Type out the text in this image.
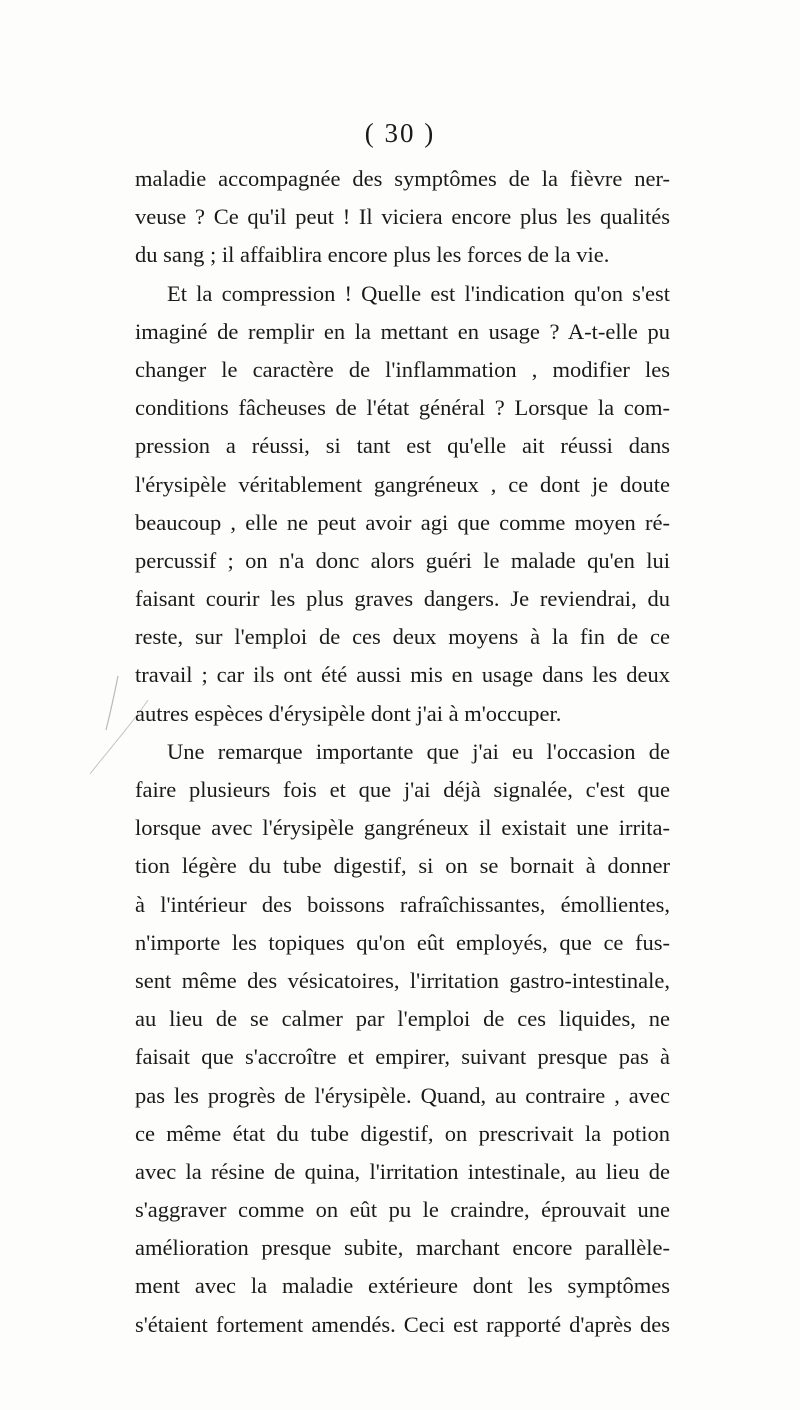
( 30 )
maladie accompagnée des symptômes de la fièvre ner-
veuse ? Ce qu'il peut ! Il viciera encore plus les qualités
du sang ; il affaiblira encore plus les forces de la vie.
Et la compression ! Quelle est l'indication qu'on s'est
imaginé de remplir en la mettant en usage ? A-t-elle pu
changer le caractère de l'inflammation , modifier les
conditions fâcheuses de l'état général ? Lorsque la com-
pression a réussi, si tant est qu'elle ait réussi dans
l'érysipèle véritablement gangréneux , ce dont je doute
beaucoup , elle ne peut avoir agi que comme moyen ré-
percussif ; on n'a donc alors guéri le malade qu'en lui
faisant courir les plus graves dangers. Je reviendrai, du
reste, sur l'emploi de ces deux moyens à la fin de ce
travail ; car ils ont été aussi mis en usage dans les deux
autres espèces d'érysipèle dont j'ai à m'occuper.
Une remarque importante que j'ai eu l'occasion de
faire plusieurs fois et que j'ai déjà signalée, c'est que
lorsque avec l'érysipèle gangréneux il existait une irrita-
tion légère du tube digestif, si on se bornait à donner
à l'intérieur des boissons rafraîchissantes, émollientes,
n'importe les topiques qu'on eût employés, que ce fus-
sent même des vésicatoires, l'irritation gastro-intestinale,
au lieu de se calmer par l'emploi de ces liquides, ne
faisait que s'accroître et empirer, suivant presque pas à
pas les progrès de l'érysipèle. Quand, au contraire , avec
ce même état du tube digestif, on prescrivait la potion
avec la résine de quina, l'irritation intestinale, au lieu de
s'aggraver comme on eût pu le craindre, éprouvait une
amélioration presque subite, marchant encore parallèle-
ment avec la maladie extérieure dont les symptômes
s'étaient fortement amendés. Ceci est rapporté d'après des
